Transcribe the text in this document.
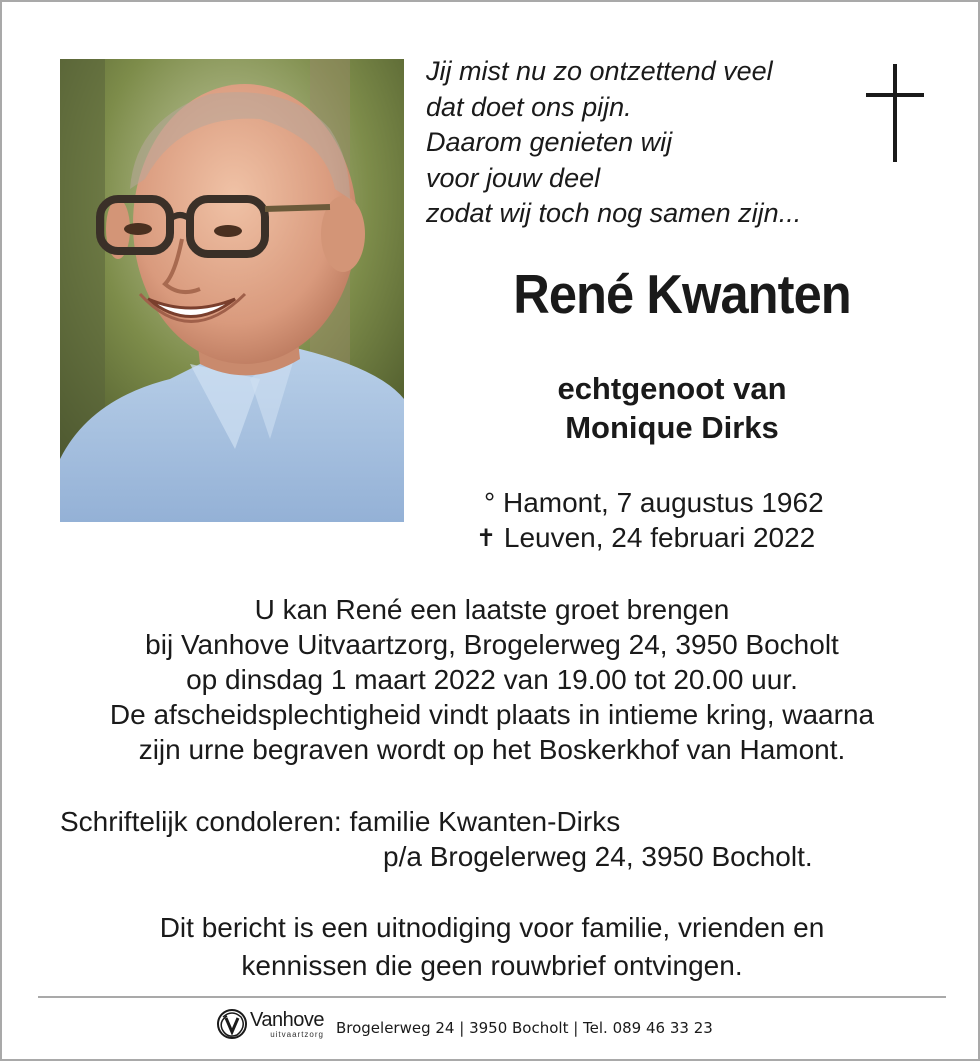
Jij mist nu zo ontzettend veel
dat doet ons pijn.
Daarom genieten wij
voor jouw deel
zodat wij toch nog samen zijn...
René Kwanten
echtgenoot van
Monique Dirks
° Hamont, 7 augustus 1962
✝ Leuven, 24 februari 2022
U kan René een laatste groet brengen
bij Vanhove Uitvaartzorg, Brogelerweg 24, 3950 Bocholt
op dinsdag 1 maart 2022 van 19.00 tot 20.00 uur.
De afscheidsplechtigheid vindt plaats in intieme kring, waarna
zijn urne begraven wordt op het Boskerkhof van Hamont.
Schriftelijk condoleren: familie Kwanten-Dirks
p/a Brogelerweg 24, 3950 Bocholt.
Dit bericht is een uitnodiging voor familie, vrienden en
kennissen die geen rouwbrief ontvingen.
Vanhove
uitvaartzorg Brogelerweg 24 | 3950 Bocholt | Tel. 089 46 33 23
